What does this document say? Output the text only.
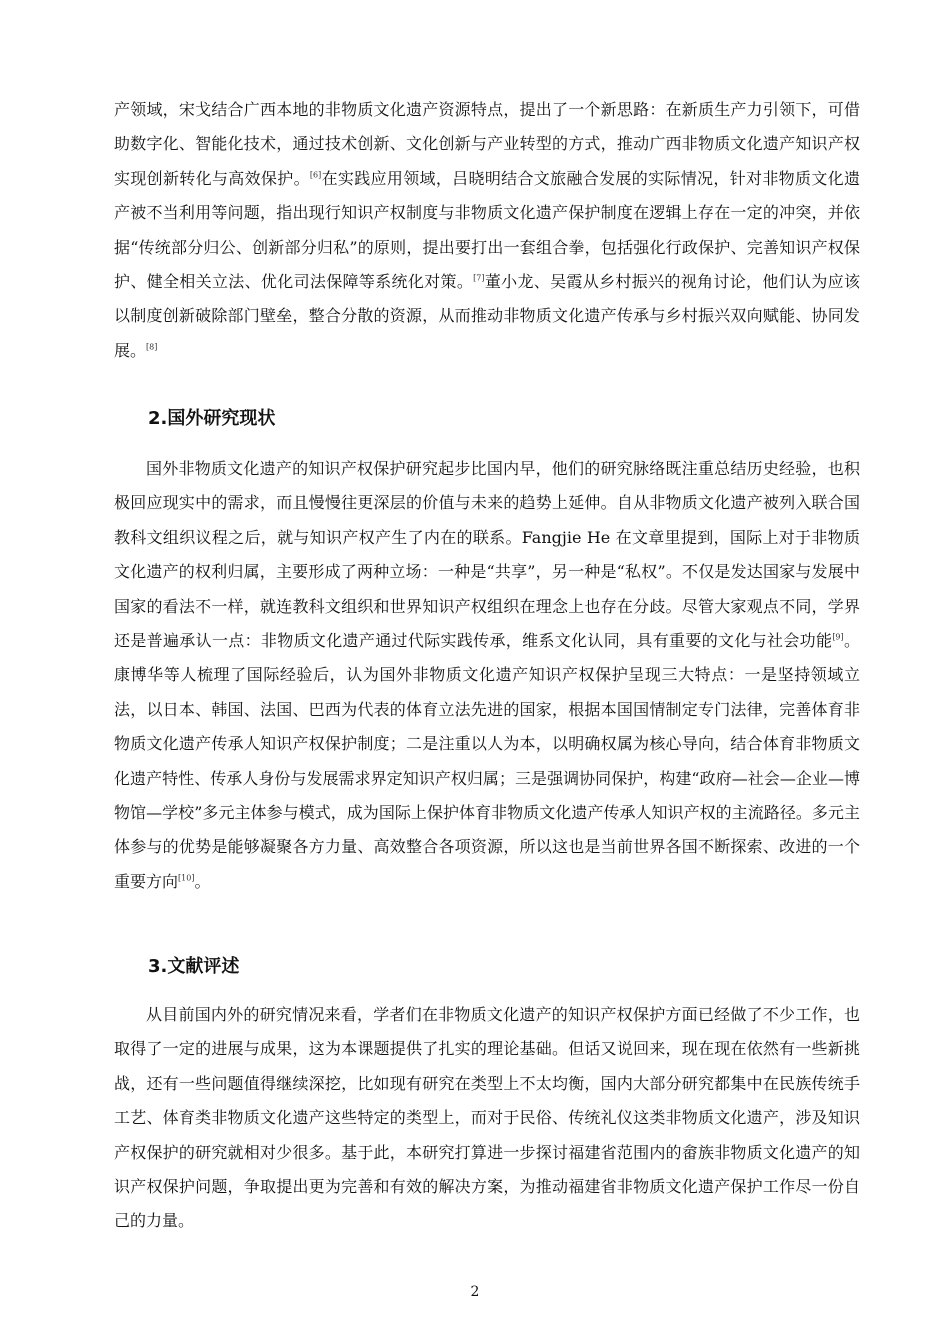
产领域，宋戈结合广西本地的非物质文化遗产资源特点，提出了一个新思路：在新质生产力引领下，可借助数字化、智能化技术，通过技术创新、文化创新与产业转型的方式，推动广西非物质文化遗产知识产权实现创新转化与高效保护。[6]在实践应用领域，吕晓明结合文旅融合发展的实际情况，针对非物质文化遗产被不当利用等问题，指出现行知识产权制度与非物质文化遗产保护制度在逻辑上存在一定的冲突，并依据“传统部分归公、创新部分归私”的原则，提出要打出一套组合拳，包括强化行政保护、完善知识产权保护、健全相关立法、优化司法保障等系统化对策。[7]董小龙、吴霞从乡村振兴的视角讨论，他们认为应该以制度创新破除部门壁垒，整合分散的资源，从而推动非物质文化遗产传承与乡村振兴双向赋能、协同发展。[8]

2.国外研究现状

国外非物质文化遗产的知识产权保护研究起步比国内早，他们的研究脉络既注重总结历史经验，也积极回应现实中的需求，而且慢慢往更深层的价值与未来的趋势上延伸。自从非物质文化遗产被列入联合国教科文组织议程之后，就与知识产权产生了内在的联系。Fangjie He 在文章里提到，国际上对于非物质文化遗产的权利归属，主要形成了两种立场：一种是“共享”，另一种是“私权”。不仅是发达国家与发展中国家的看法不一样，就连教科文组织和世界知识产权组织在理念上也存在分歧。尽管大家观点不同，学界还是普遍承认一点：非物质文化遗产通过代际实践传承，维系文化认同，具有重要的文化与社会功能[9]。康博华等人梳理了国际经验后，认为国外非物质文化遗产知识产权保护呈现三大特点：一是坚持领域立法，以日本、韩国、法国、巴西为代表的体育立法先进的国家，根据本国国情制定专门法律，完善体育非物质文化遗产传承人知识产权保护制度；二是注重以人为本，以明确权属为核心导向，结合体育非物质文化遗产特性、传承人身份与发展需求界定知识产权归属；三是强调协同保护，构建“政府—社会—企业—博物馆—学校”多元主体参与模式，成为国际上保护体育非物质文化遗产传承人知识产权的主流路径。多元主体参与的优势是能够凝聚各方力量、高效整合各项资源，所以这也是当前世界各国不断探索、改进的一个重要方向[10]。

3.文献评述

从目前国内外的研究情况来看，学者们在非物质文化遗产的知识产权保护方面已经做了不少工作，也取得了一定的进展与成果，这为本课题提供了扎实的理论基础。但话又说回来，现在现在依然有一些新挑战，还有一些问题值得继续深挖，比如现有研究在类型上不太均衡，国内大部分研究都集中在民族传统手工艺、体育类非物质文化遗产这些特定的类型上，而对于民俗、传统礼仪这类非物质文化遗产，涉及知识产权保护的研究就相对少很多。基于此，本研究打算进一步探讨福建省范围内的畲族非物质文化遗产的知识产权保护问题，争取提出更为完善和有效的解决方案，为推动福建省非物质文化遗产保护工作尽一份自己的力量。

2
